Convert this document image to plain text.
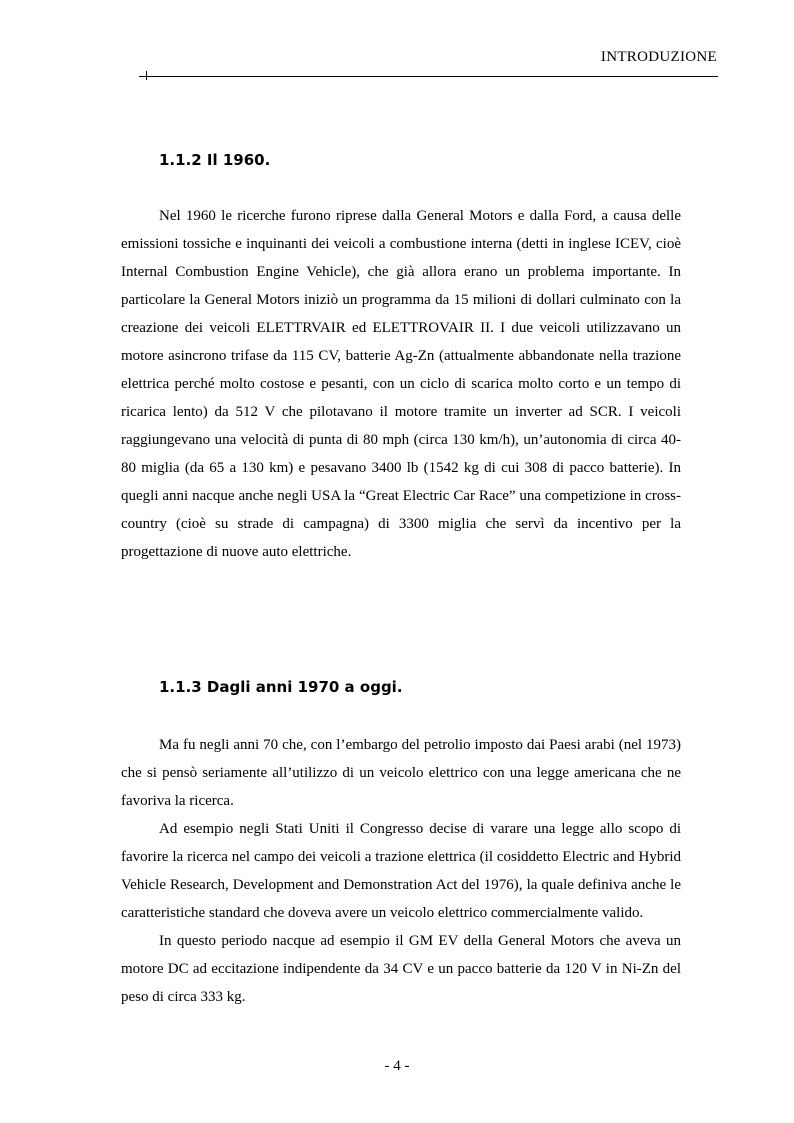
INTRODUZIONE
1.1.2 Il 1960.

Nel 1960 le ricerche furono riprese dalla General Motors e dalla Ford, a causa delle emissioni tossiche e inquinanti dei veicoli a combustione interna (detti in inglese ICEV, cioè Internal Combustion Engine Vehicle), che già allora erano un problema importante. In particolare la General Motors iniziò un programma da 15 milioni di dollari culminato con la creazione dei veicoli ELETTRVAIR ed ELETTROVAIR II. I due veicoli utilizzavano un motore asincrono trifase da 115 CV, batterie Ag-Zn (attualmente abbandonate nella trazione elettrica perché molto costose e pesanti, con un ciclo di scarica molto corto e un tempo di ricarica lento) da 512 V che pilotavano il motore tramite un inverter ad SCR. I veicoli raggiungevano una velocità di punta di 80 mph (circa 130 km/h), un’autonomia di circa 40-80 miglia (da 65 a 130 km) e pesavano 3400 lb (1542 kg di cui 308 di pacco batterie). In quegli anni nacque anche negli USA la “Great Electric Car Race” una competizione in cross-country (cioè su strade di campagna) di 3300 miglia che servì da incentivo per la progettazione di nuove auto elettriche.

1.1.3 Dagli anni 1970 a oggi.

Ma fu negli anni 70 che, con l’embargo del petrolio imposto dai Paesi arabi (nel 1973) che si pensò seriamente all’utilizzo di un veicolo elettrico con una legge americana che ne favoriva la ricerca.

Ad esempio negli Stati Uniti il Congresso decise di varare una legge allo scopo di favorire la ricerca nel campo dei veicoli a trazione elettrica (il cosiddetto Electric and Hybrid Vehicle Research, Development and Demonstration Act del 1976), la quale definiva anche le caratteristiche standard che doveva avere un veicolo elettrico commercialmente valido.

In questo periodo nacque ad esempio il GM EV della General Motors che aveva un motore DC ad eccitazione indipendente da 34 CV e un pacco batterie da 120 V in Ni-Zn del peso di circa 333 kg.

- 4 -
